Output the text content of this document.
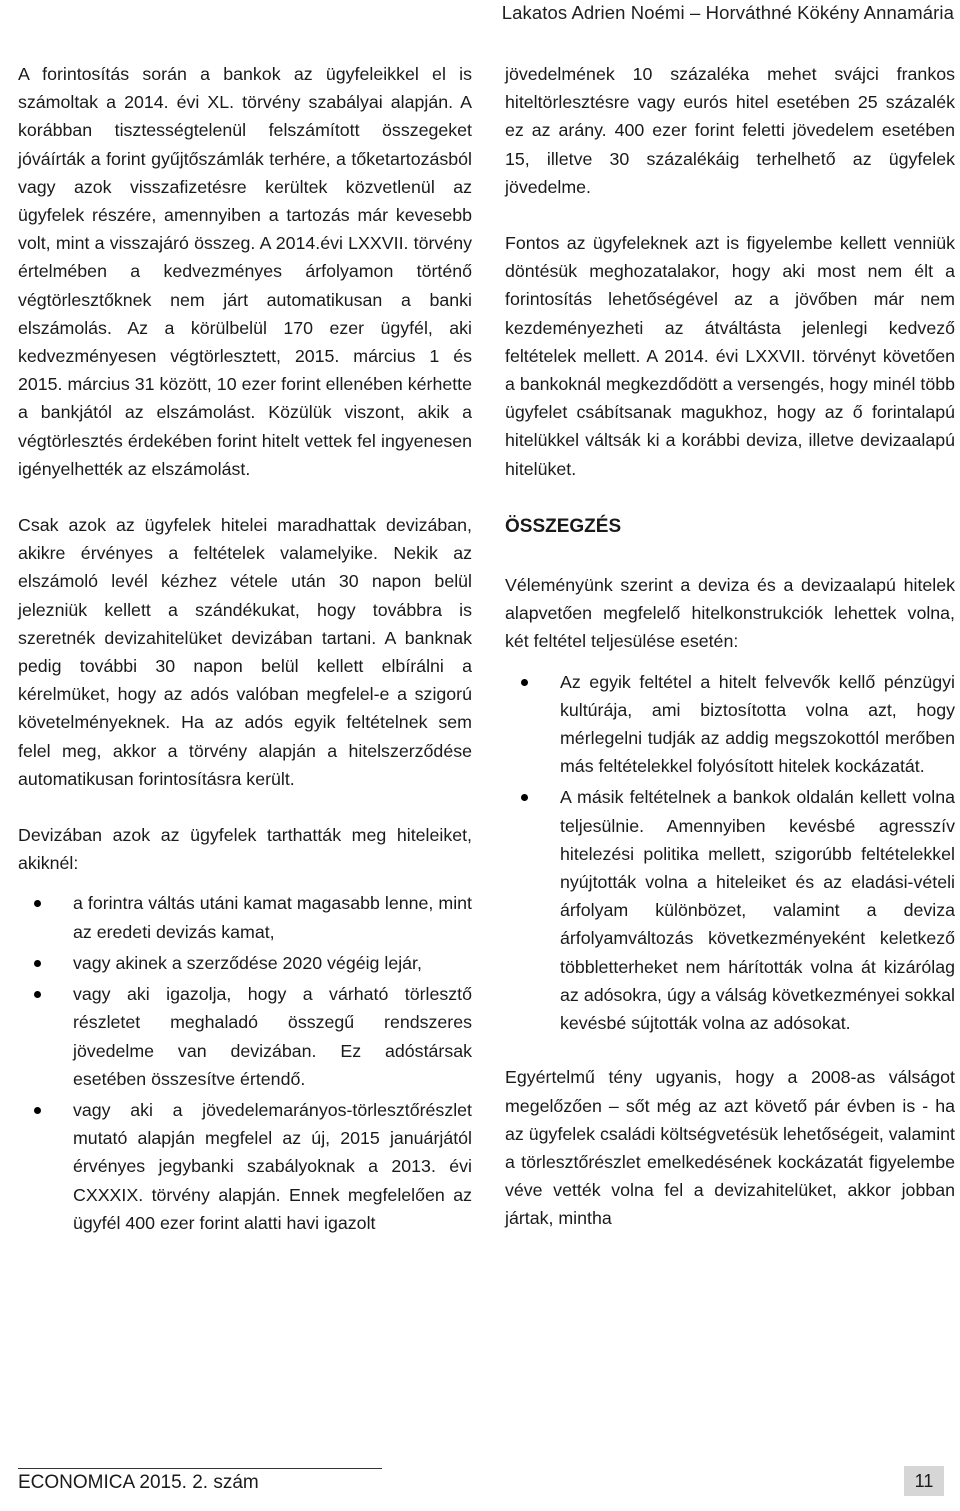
Lakatos Adrien Noémi – Horváthné Kökény Annamária

A forintosítás során a bankok az ügyfeleikkel el is számoltak a 2014. évi XL. törvény szabályai alapján. A korábban tisztességtelenül felszámított összegeket jóváírták a forint gyűjtőszámlák terhére, a tőketartozásból vagy azok visszafizetésre kerültek közvetlenül az ügyfelek részére, amennyiben a tartozás már kevesebb volt, mint a visszajáró összeg. A 2014.évi LXXVII. törvény értelmében a kedvezményes árfolyamon történő végtörlesztőknek nem járt automatikusan a banki elszámolás. Az a körülbelül 170 ezer ügyfél, aki kedvezményesen végtörlesztett, 2015. március 1 és 2015. március 31 között, 10 ezer forint ellenében kérhette a bankjától az elszámolást. Közülük viszont, akik a végtörlesztés érdekében forint hitelt vettek fel ingyenesen igényelhették az elszámolást.

Csak azok az ügyfelek hitelei maradhattak devizában, akikre érvényes a feltételek valamelyike. Nekik az elszámoló levél kézhez vétele után 30 napon belül jelezniük kellett a szándékukat, hogy továbbra is szeretnék devizahitelüket devizában tartani. A banknak pedig további 30 napon belül kellett elbírálni a kérelmüket, hogy az adós valóban megfelel-e a szigorú követelményeknek. Ha az adós egyik feltételnek sem felel meg, akkor a törvény alapján a hitelszerződése automatikusan forintosításra került.

Devizában azok az ügyfelek tarthatták meg hiteleiket, akiknél:

a forintra váltás utáni kamat magasabb lenne, mint az eredeti devizás kamat,
vagy akinek a szerződése 2020 végéig lejár,
vagy aki igazolja, hogy a várható törlesztő részletet meghaladó összegű rendszeres jövedelme van devizában. Ez adóstársak esetében összesítve értendő.
vagy aki a jövedelemarányos-törlesztőrészlet mutató alapján megfelel az új, 2015 januárjától érvényes jegybanki szabályoknak a 2013. évi CXXXIX. törvény alapján. Ennek megfelelően az ügyfél 400 ezer forint alatti havi igazolt

jövedelmének 10 százaléka mehet svájci frankos hiteltörlesztésre vagy eurós hitel esetében 25 százalék ez az arány. 400 ezer forint feletti jövedelem esetében 15, illetve 30 százalékáig terhelhető az ügyfelek jövedelme.

Fontos az ügyfeleknek azt is figyelembe kellett venniük döntésük meghozatalakor, hogy aki most nem élt a forintosítás lehetőségével az a jövőben már nem kezdeményezheti az átváltásta jelenlegi kedvező feltételek mellett. A 2014. évi LXXVII. törvényt követően a bankoknál megkezdődött a versengés, hogy minél több ügyfelet csábítsanak magukhoz, hogy az ő forintalapú hitelükkel váltsák ki a korábbi deviza, illetve devizaalapú hitelüket.

ÖSSZEGZÉS

Véleményünk szerint a deviza és a devizaalapú hitelek alapvetően megfelelő hitelkonstrukciók lehettek volna, két feltétel teljesülése esetén:

Az egyik feltétel a hitelt felvevők kellő pénzügyi kultúrája, ami biztosította volna azt, hogy mérlegelni tudják az addig megszokottól merőben más feltételekkel folyósított hitelek kockázatát.
A másik feltételnek a bankok oldalán kellett volna teljesülnie. Amennyiben kevésbé agresszív hitelezési politika mellett, szigorúbb feltételekkel nyújtották volna a hiteleiket és az eladási-vételi árfolyam különbözet, valamint a deviza árfolyamváltozás következményeként keletkező többletterheket nem hárították volna át kizárólag az adósokra, úgy a válság következményei sokkal kevésbé sújtották volna az adósokat.

Egyértelmű tény ugyanis, hogy a 2008-as válságot megelőzően – sőt még az azt követő pár évben is - ha az ügyfelek családi költségvetésük lehetőségeit, valamint a törlesztőrészlet emelkedésének kockázatát figyelembe véve vették volna fel a devizahitelüket, akkor jobban jártak, mintha

ECONOMICA 2015. 2. szám	11
